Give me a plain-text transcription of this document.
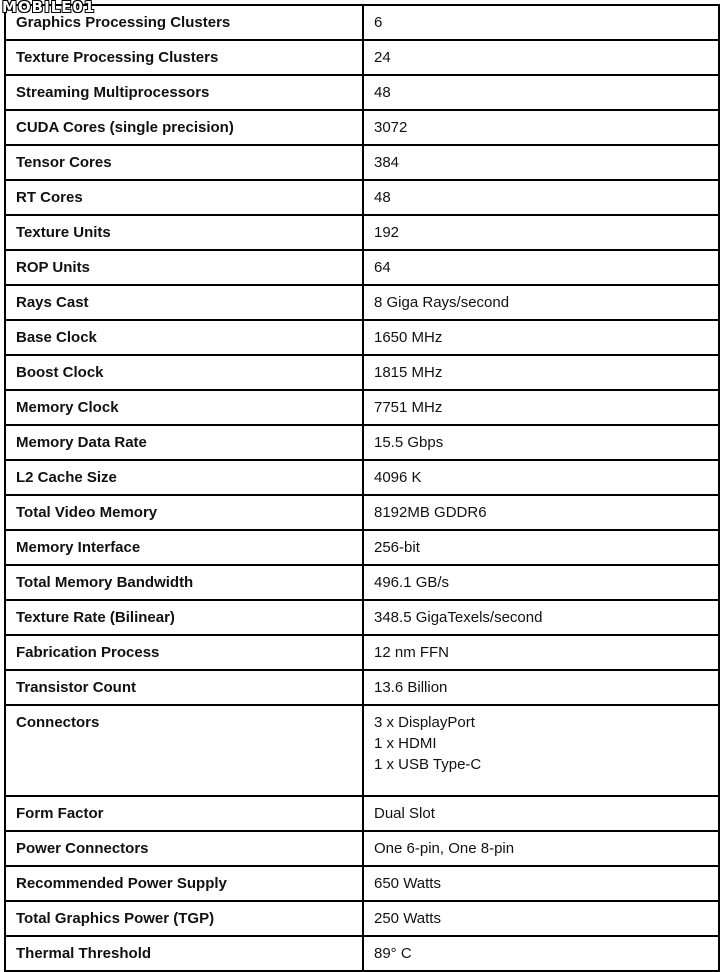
Graphics Processing Clusters	6
Texture Processing Clusters	24
Streaming Multiprocessors	48
CUDA Cores (single precision)	3072
Tensor Cores	384
RT Cores	48
Texture Units	192
ROP Units	64
Rays Cast	8 Giga Rays/second
Base Clock	1650 MHz
Boost Clock	1815 MHz
Memory Clock	7751 MHz
Memory Data Rate	15.5 Gbps
L2 Cache Size	4096 K
Total Video Memory	8192MB GDDR6
Memory Interface	256-bit
Total Memory Bandwidth	496.1 GB/s
Texture Rate (Bilinear)	348.5 GigaTexels/second
Fabrication Process	12 nm FFN
Transistor Count	13.6 Billion
Connectors	3 x DisplayPort
1 x HDMI
1 x USB Type-C

Form Factor	Dual Slot
Power Connectors	One 6-pin, One 8-pin
Recommended Power Supply	650 Watts
Total Graphics Power (TGP)	250 Watts
Thermal Threshold	89° C
MOBILE01
